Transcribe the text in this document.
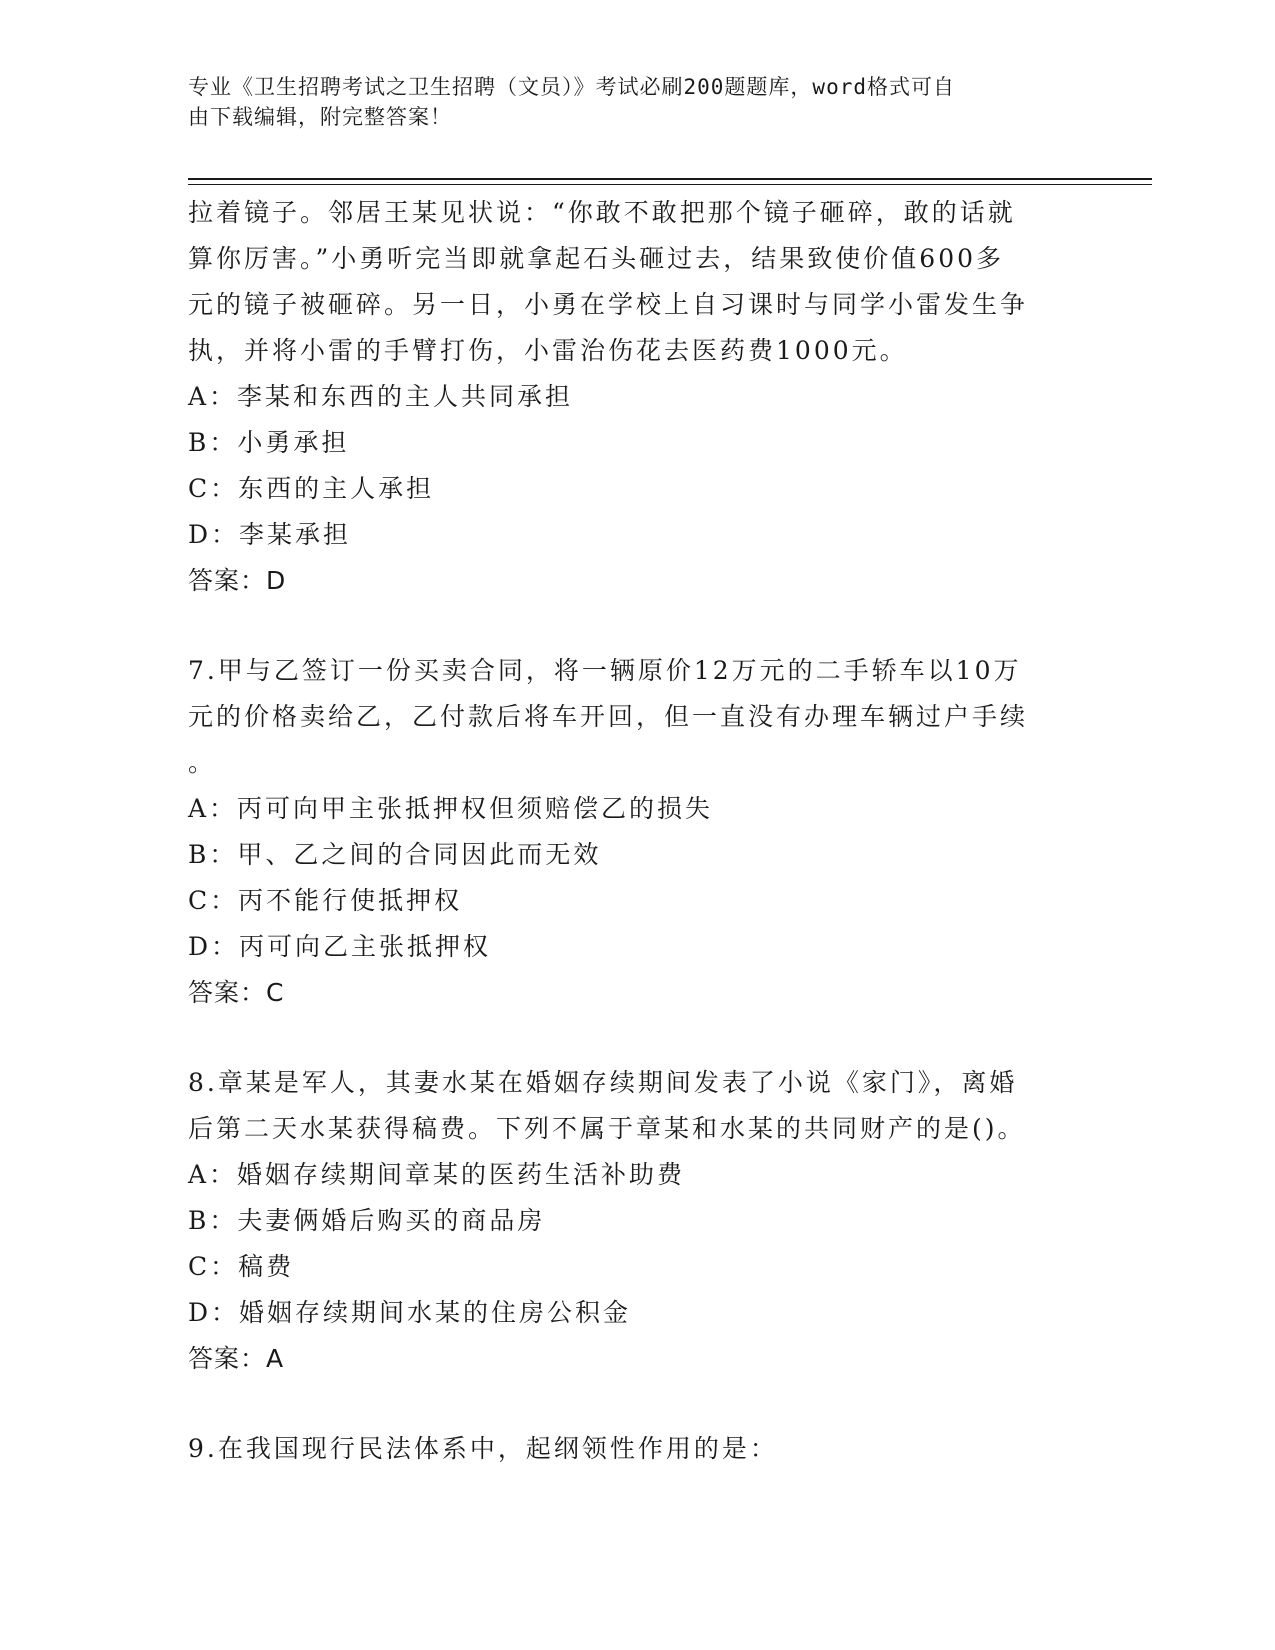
专业《卫生招聘考试之卫生招聘（文员）》考试必刷200题题库，word格式可自
由下载编辑，附完整答案！
拉着镜子。邻居王某见状说：“你敢不敢把那个镜子砸碎，敢的话就
算你厉害。”小勇听完当即就拿起石头砸过去，结果致使价值600多
元的镜子被砸碎。另一日，小勇在学校上自习课时与同学小雷发生争
执，并将小雷的手臂打伤，小雷治伤花去医药费1000元。
A：李某和东西的主人共同承担
B：小勇承担
C：东西的主人承担
D：李某承担
答案：D
7.甲与乙签订一份买卖合同，将一辆原价12万元的二手轿车以10万
元的价格卖给乙，乙付款后将车开回，但一直没有办理车辆过户手续
。
A：丙可向甲主张抵押权但须赔偿乙的损失
B：甲、乙之间的合同因此而无效
C：丙不能行使抵押权
D：丙可向乙主张抵押权
答案：C
8.章某是军人，其妻水某在婚姻存续期间发表了小说《家门》，离婚
后第二天水某获得稿费。下列不属于章某和水某的共同财产的是()。
A：婚姻存续期间章某的医药生活补助费
B：夫妻俩婚后购买的商品房
C：稿费
D：婚姻存续期间水某的住房公积金
答案：A
9.在我国现行民法体系中，起纲领性作用的是：
